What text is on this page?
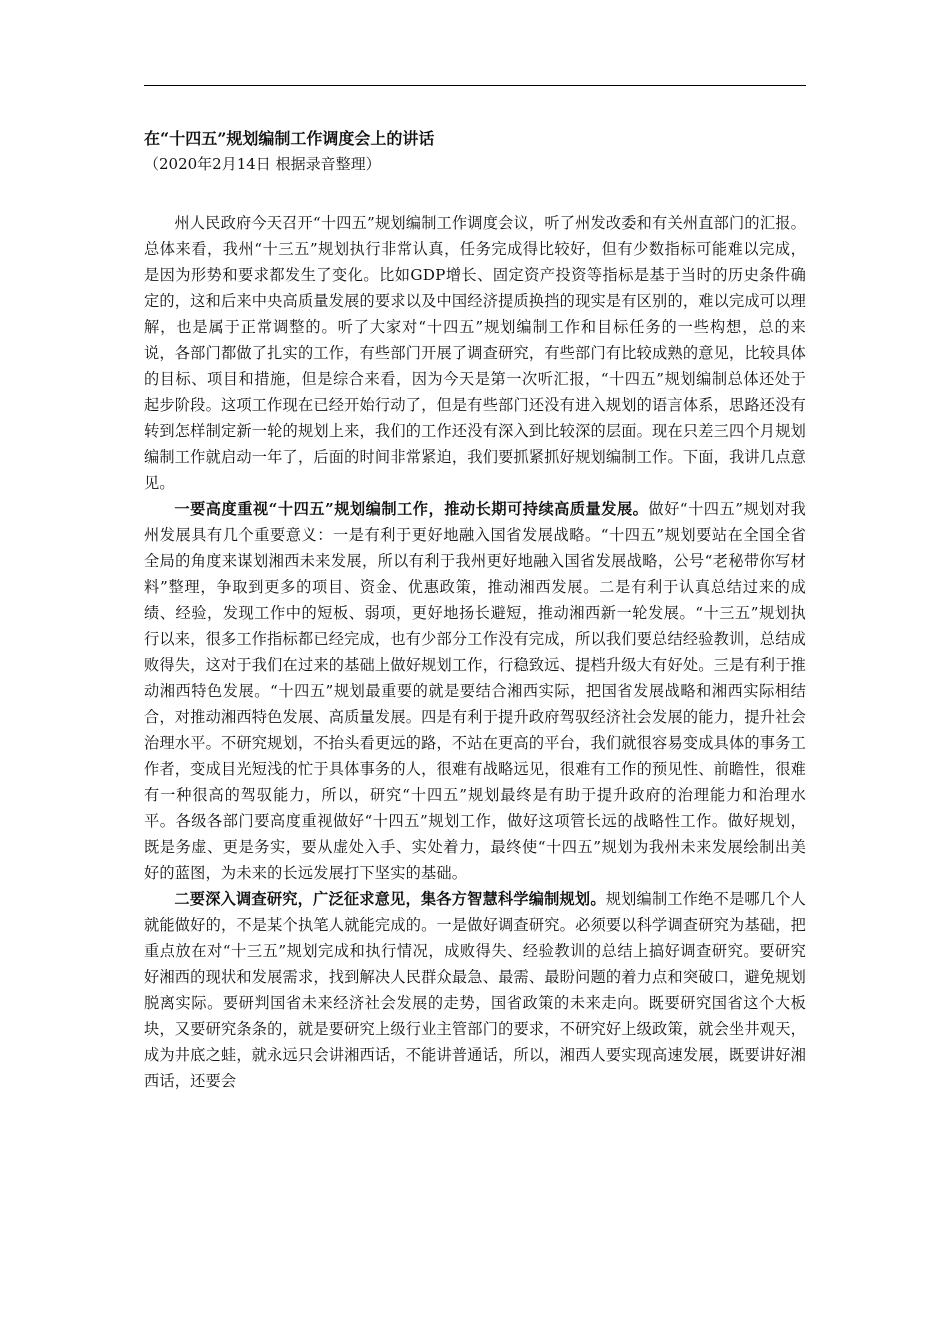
在“十四五”规划编制工作调度会上的讲话

（2020年2月14日 根据录音整理）

州人民政府今天召开“十四五”规划编制工作调度会议，听了州发改委和有关州直部门的汇报。总体来看，我州“十三五”规划执行非常认真，任务完成得比较好，但有少数指标可能难以完成，是因为形势和要求都发生了变化。比如GDP增长、固定资产投资等指标是基于当时的历史条件确定的，这和后来中央高质量发展的要求以及中国经济提质换挡的现实是有区别的，难以完成可以理解，也是属于正常调整的。听了大家对“十四五”规划编制工作和目标任务的一些构想，总的来说，各部门都做了扎实的工作，有些部门开展了调查研究，有些部门有比较成熟的意见，比较具体的目标、项目和措施，但是综合来看，因为今天是第一次听汇报，“十四五”规划编制总体还处于起步阶段。这项工作现在已经开始行动了，但是有些部门还没有进入规划的语言体系，思路还没有转到怎样制定新一轮的规划上来，我们的工作还没有深入到比较深的层面。现在只差三四个月规划编制工作就启动一年了，后面的时间非常紧迫，我们要抓紧抓好规划编制工作。下面，我讲几点意见。

一要高度重视“十四五”规划编制工作，推动长期可持续高质量发展。做好“十四五”规划对我州发展具有几个重要意义：一是有利于更好地融入国省发展战略。“十四五”规划要站在全国全省全局的角度来谋划湘西未来发展，所以有利于我州更好地融入国省发展战略，公号“老秘带你写材料”整理，争取到更多的项目、资金、优惠政策，推动湘西发展。二是有利于认真总结过来的成绩、经验，发现工作中的短板、弱项，更好地扬长避短，推动湘西新一轮发展。“十三五”规划执行以来，很多工作指标都已经完成，也有少部分工作没有完成，所以我们要总结经验教训，总结成败得失，这对于我们在过来的基础上做好规划工作，行稳致远、提档升级大有好处。三是有利于推动湘西特色发展。“十四五”规划最重要的就是要结合湘西实际，把国省发展战略和湘西实际相结合，对推动湘西特色发展、高质量发展。四是有利于提升政府驾驭经济社会发展的能力，提升社会治理水平。不研究规划，不抬头看更远的路，不站在更高的平台，我们就很容易变成具体的事务工作者，变成目光短浅的忙于具体事务的人，很难有战略远见，很难有工作的预见性、前瞻性，很难有一种很高的驾驭能力，所以，研究“十四五”规划最终是有助于提升政府的治理能力和治理水平。各级各部门要高度重视做好“十四五”规划工作，做好这项管长远的战略性工作。做好规划，既是务虚、更是务实，要从虚处入手、实处着力，最终使“十四五”规划为我州未来发展绘制出美好的蓝图，为未来的长远发展打下坚实的基础。

二要深入调查研究，广泛征求意见，集各方智慧科学编制规划。规划编制工作绝不是哪几个人就能做好的，不是某个执笔人就能完成的。一是做好调查研究。必须要以科学调查研究为基础，把重点放在对“十三五”规划完成和执行情况，成败得失、经验教训的总结上搞好调查研究。要研究好湘西的现状和发展需求，找到解决人民群众最急、最需、最盼问题的着力点和突破口，避免规划脱离实际。要研判国省未来经济社会发展的走势，国省政策的未来走向。既要研究国省这个大板块，又要研究条条的，就是要研究上级行业主管部门的要求，不研究好上级政策，就会坐井观天，成为井底之蛙，就永远只会讲湘西话，不能讲普通话，所以，湘西人要实现高速发展，既要讲好湘西话，还要会
